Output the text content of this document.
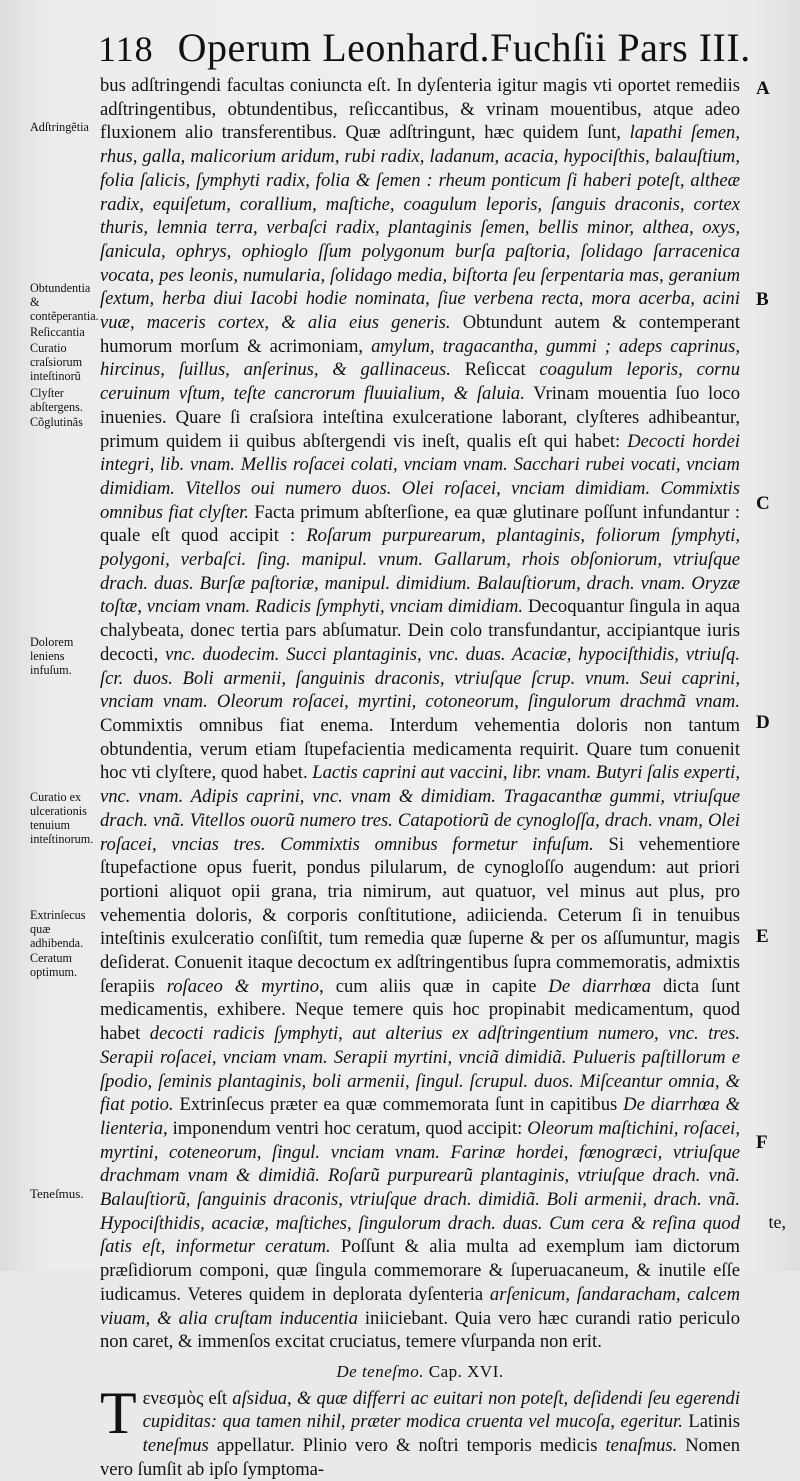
118 Operum Leonhard.Fuchſii Pars III.
Adſtringẽtia
Obtundentia & contẽperantia.
Reſiccantia
Curatio craſsiorum inteſtinorũ
Clyſter abſtergens.
Cõglutinãs
Dolorem leniens infuſum.
Curatio ex ulcerationis tenuium inteſtinorum.
Extrinſecus quæ adhibenda.
Ceratum optimum.
Teneſmus.
A
B
C
D
E
F

bus adſtringendi facultas coniuncta eſt. In dyſenteria igitur magis vti oportet remediis adſtringentibus, obtundentibus, reſiccantibus, & vrinam mouentibus, atque adeo fluxionem alio transferentibus. Quæ adſtringunt, hæc quidem ſunt, lapathi ſemen, rhus, galla, malicorium aridum, rubi radix, ladanum, acacia, hypociſthis, balauſtium, folia ſalicis, ſymphyti radix, folia & ſemen : rheum ponticum ſi haberi poteſt, altheæ radix, equiſetum, corallium, maſtiche, coagulum leporis, ſanguis draconis, cortex thuris, lemnia terra, verbaſci radix, plantaginis ſemen, bellis minor, althea, oxys, ſanicula, ophrys, ophioglo ſſum polygonum burſa paſtoria, ſolidago ſarracenica vocata, pes leonis, numularia, ſolidago media, biſtorta ſeu ſerpentaria mas, geranium ſextum, herba diui Iacobi hodie nominata, ſiue verbena recta, mora acerba, acini vuæ, maceris cortex, & alia eius generis. Obtundunt autem & contemperant humorum morſum & acrimoniam, amylum, tragacantha, gummi ; adeps caprinus, hircinus, ſuillus, anſerinus, & gallinaceus. Reſiccat coagulum leporis, cornu ceruinum vſtum, teſte cancrorum fluuialium, & ſaluia. Vrinam mouentia ſuo loco inuenies. Quare ſi craſsiora inteſtina exulceratione laborant, clyſteres adhibeantur, primum quidem ii quibus abſtergendi vis ineſt, qualis eſt qui habet: Decocti hordei integri, lib. vnam. Mellis roſacei colati, vnciam vnam. Sacchari rubei vocati, vnciam dimidiam. Vitellos oui numero duos. Olei roſacei, vnciam dimidiam. Commixtis omnibus fiat clyſter. Facta primum abſterſione, ea quæ glutinare poſſunt infundantur : quale eſt quod accipit : Roſarum purpurearum, plantaginis, foliorum ſymphyti, polygoni, verbaſci. ſing. manipul. vnum. Gallarum, rhois obſoniorum, vtriuſque drach. duas. Burſæ paſtoriæ, manipul. dimidium. Balauſtiorum, drach. vnam. Oryzæ toſtæ, vnciam vnam. Radicis ſymphyti, vnciam dimidiam. Decoquantur ſingula in aqua chalybeata, donec tertia pars abſumatur. Dein colo transfundantur, accipiantque iuris decocti, vnc. duodecim. Succi plantaginis, vnc. duas. Acaciæ, hypociſthidis, vtriuſq. ſcr. duos. Boli armenii, ſanguinis draconis, vtriuſque ſcrup. vnum. Seui caprini, vnciam vnam. Oleorum roſacei, myrtini, cotoneorum, ſingulorum drachmã vnam. Commixtis omnibus fiat enema. Interdum vehementia doloris non tantum obtundentia, verum etiam ſtupefacientia medicamenta requirit. Quare tum conuenit hoc vti clyſtere, quod habet. Lactis caprini aut vaccini, libr. vnam. Butyri ſalis experti, vnc. vnam. Adipis caprini, vnc. vnam & dimidiam. Tragacanthæ gummi, vtriuſque drach. vnã. Vitellos ouorũ numero tres. Catapotiorũ de cynogloſſa, drach. vnam, Olei roſacei, vncias tres. Commixtis omnibus formetur infuſum. Si vehementiore ſtupefactione opus fuerit, pondus pilularum, de cynogloſſo augendum: aut priori portioni aliquot opii grana, tria nimirum, aut quatuor, vel minus aut plus, pro vehementia doloris, & corporis conſtitutione, adiicienda. Ceterum ſi in tenuibus inteſtinis exulceratio conſiſtit, tum remedia quæ ſuperne & per os aſſumuntur, magis deſiderat. Conuenit itaque decoctum ex adſtringentibus ſupra commemoratis, admixtis ſerapiis roſaceo & myrtino, cum aliis quæ in capite De diarrhœa dicta ſunt medicamentis, exhibere. Neque temere quis hoc propinabit medicamentum, quod habet decocti radicis ſymphyti, aut alterius ex adſtringentium numero, vnc. tres. Serapii roſacei, vnciam vnam. Serapii myrtini, vnciã dimidiã. Pulueris paſtillorum e ſpodio, ſeminis plantaginis, boli armenii, ſingul. ſcrupul. duos. Miſceantur omnia, & fiat potio. Extrinſecus præter ea quæ commemorata ſunt in capitibus De diarrhœa & lienteria, imponendum ventri hoc ceratum, quod accipit: Oleorum maſtichini, roſacei, myrtini, coteneorum, ſingul. vnciam vnam. Farinæ hordei, fœnogræci, vtriuſque drachmam vnam & dimidiã. Roſarũ purpurearũ plantaginis, vtriuſque drach. vnã. Balauſtiorũ, ſanguinis draconis, vtriuſque drach. dimidiã. Boli armenii, drach. vnã. Hypociſthidis, acaciæ, maſtiches, ſingulorum drach. duas. Cum cera & reſina quod ſatis eſt, informetur ceratum. Poſſunt & alia multa ad exemplum iam dictorum præſidiorum componi, quæ ſingula commemorare & ſuperuacaneum, & inutile eſſe iudicamus. Veteres quidem in deplorata dyſenteria arſenicum, ſandaracham, calcem viuam, & alia cruſtam inducentia iniiciebant. Quia vero hæc curandi ratio periculo non caret, & immenſos excitat cruciatus, temere vſurpanda non erit.

De teneſmo. Cap. XVI.

T ενεσμὸς eſt aſsidua, & quæ differri ac euitari non poteſt, deſidendi ſeu egerendi cupiditas: qua tamen nihil, præter modica cruenta vel mucoſa, egeritur. Latinis teneſmus appellatur. Plinio vero & noſtri temporis medicis tenaſmus. Nomen vero ſumſit ab ipſo ſymptoma-

te,
